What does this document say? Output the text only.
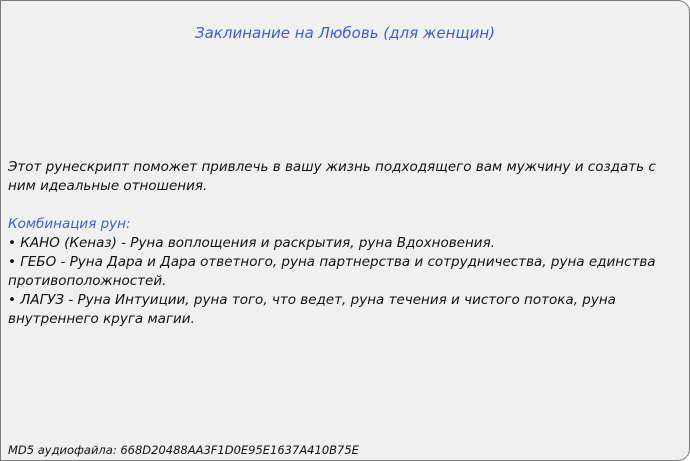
Заклинание на Любовь (для женщин)

Этот рунескрипт поможет привлечь в вашу жизнь подходящего вам мужчину и создать с ним идеальные отношения.

Комбинация рун:

• КАНО (Кеназ) - Руна воплощения и раскрытия, руна Вдохновения.

• ГЕБО - Руна Дара и Дара ответного, руна партнерства и сотрудничества, руна единства противоположностей.

• ЛАГУЗ - Руна Интуиции, руна того, что ведет, руна течения и чистого потока, руна внутреннего круга магии.

MD5 аудиофайла: 668D20488AA3F1D0E95E1637A410B75E
